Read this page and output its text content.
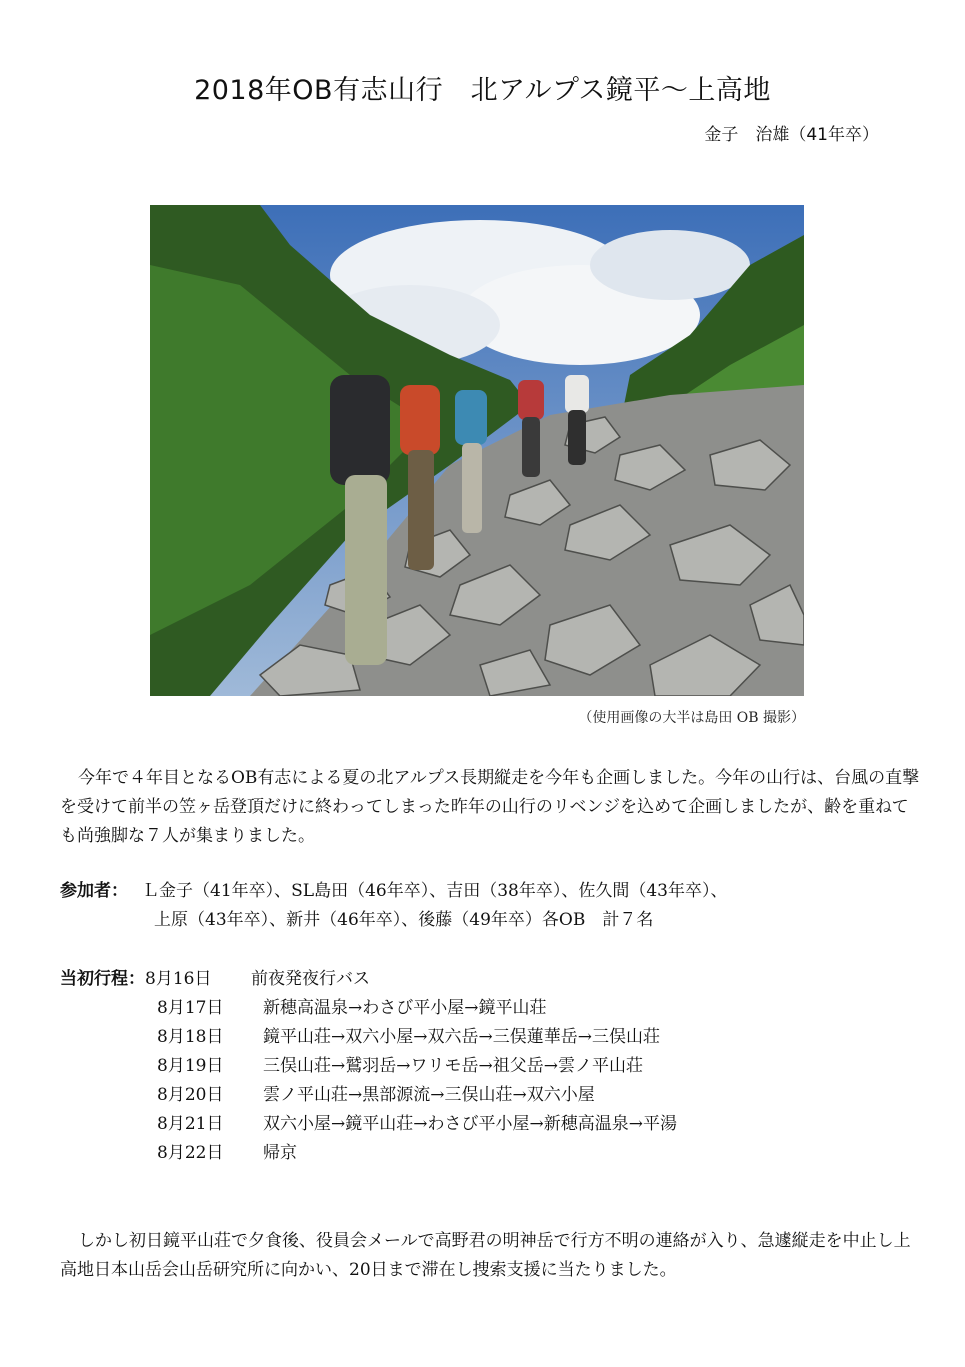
2018年OB有志山行　北アルプス鏡平～上高地
金子　治雄（41年卒）
（使用画像の大半は島田 OB 撮影）

今年で４年目となるOB有志による夏の北アルプス長期縦走を今年も企画しました。今年の山行は、台風の直撃を受けて前半の笠ヶ岳登頂だけに終わってしまった昨年の山行のリベンジを込めて企画しましたが、齢を重ねても尚強脚な７人が集まりました。

参加者： Ｌ金子（41年卒）、SL島田（46年卒）、吉田（38年卒）、佐久間（43年卒）、
上原（43年卒）、新井（46年卒）、後藤（49年卒）各OB　計７名
当初行程：8月16日 前夜発夜行バス
8月17日 新穂高温泉→わさび平小屋→鏡平山荘
8月18日 鏡平山荘→双六小屋→双六岳→三俣蓮華岳→三俣山荘
8月19日 三俣山荘→鷲羽岳→ワリモ岳→祖父岳→雲ノ平山荘
8月20日 雲ノ平山荘→黒部源流→三俣山荘→双六小屋
8月21日 双六小屋→鏡平山荘→わさび平小屋→新穂高温泉→平湯
8月22日 帰京

しかし初日鏡平山荘で夕食後、役員会メールで高野君の明神岳で行方不明の連絡が入り、急遽縦走を中止し上高地日本山岳会山岳研究所に向かい、20日まで滞在し捜索支援に当たりました。
